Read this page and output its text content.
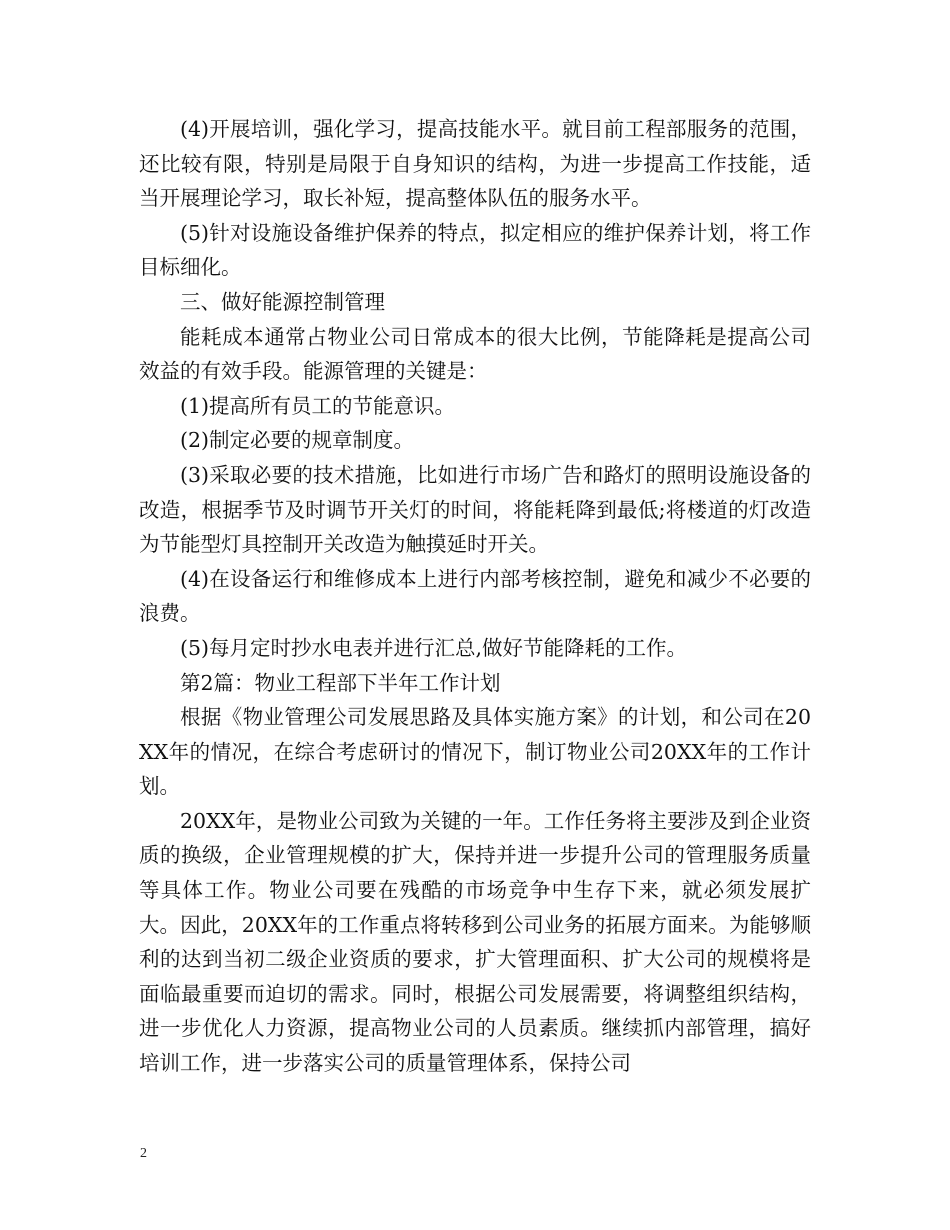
(4)开展培训，强化学习，提高技能水平。就目前工程部服务的范围，还比较有限，特别是局限于自身知识的结构，为进一步提高工作技能，适当开展理论学习，取长补短，提高整体队伍的服务水平。

(5)针对设施设备维护保养的特点，拟定相应的维护保养计划，将工作目标细化。

三、做好能源控制管理

能耗成本通常占物业公司日常成本的很大比例，节能降耗是提高公司效益的有效手段。能源管理的关键是：

(1)提高所有员工的节能意识。

(2)制定必要的规章制度。

(3)采取必要的技术措施，比如进行市场广告和路灯的照明设施设备的改造，根据季节及时调节开关灯的时间，将能耗降到最低;将楼道的灯改造为节能型灯具控制开关改造为触摸延时开关。

(4)在设备运行和维修成本上进行内部考核控制，避免和减少不必要的浪费。

(5)每月定时抄水电表并进行汇总,做好节能降耗的工作。

第2篇：物业工程部下半年工作计划

根据《物业管理公司发展思路及具体实施方案》的计划，和公司在20XX年的情况，在综合考虑研讨的情况下，制订物业公司20XX年的工作计划。

20XX年，是物业公司致为关键的一年。工作任务将主要涉及到企业资质的换级，企业管理规模的扩大，保持并进一步提升公司的管理服务质量等具体工作。物业公司要在残酷的市场竞争中生存下来，就必须发展扩大。因此，20XX年的工作重点将转移到公司业务的拓展方面来。为能够顺利的达到当初二级企业资质的要求，扩大管理面积、扩大公司的规模将是面临最重要而迫切的需求。同时，根据公司发展需要，将调整组织结构，进一步优化人力资源，提高物业公司的人员素质。继续抓内部管理，搞好培训工作，进一步落实公司的质量管理体系，保持公司

2
